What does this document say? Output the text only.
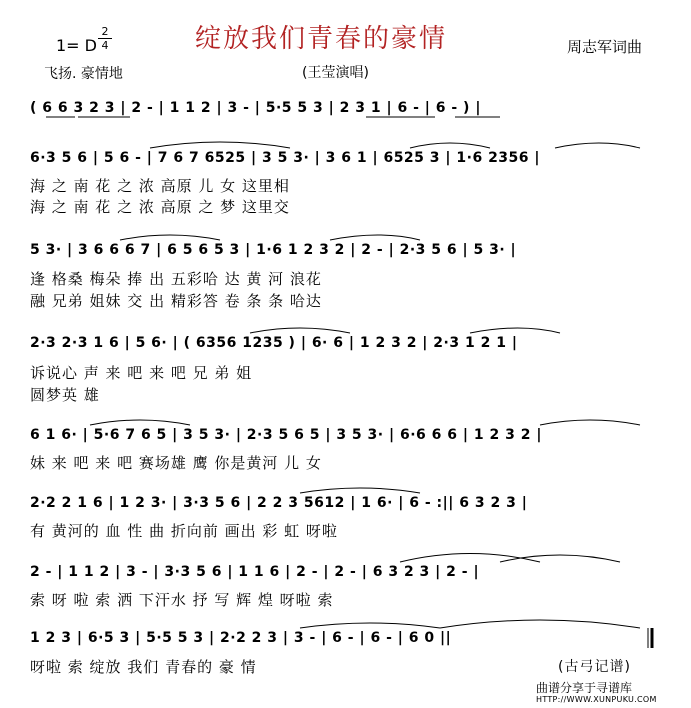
绽放我们青春的豪情
1= D
2
4	周志军词曲
飞扬. 豪情地	(王莹演唱)
( 6 6 3 2 3 | 2 - | 1 1 2 | 3 - | 5·5 5 3 | 2 3 1 | 6 - | 6 - ) |
6·3 5 6 | 5 6 - | 7 6 7 6525 | 3 5 3· | 3 6 1 | 6525 3 | 1·6 2356 |
海 之 南 花 之 浓 高原 儿 女 这里相
海 之 南 花 之 浓 高原 之 梦 这里交
5 3· | 3 6 6 6 7 | 6 5 6 5 3 | 1·6 1 2 3 2 | 2 - | 2·3 5 6 | 5 3· |
逢 格桑 梅朵 捧 出 五彩哈 达 黄 河 浪花
融 兄弟 姐妹 交 出 精彩答 卷 条 条 哈达
2·3 2·3 1 6 | 5 6· | ( 6356 1235 ) | 6· 6 | 1 2 3 2 | 2·3 1 2 1 |
诉说心 声 来 吧 来 吧 兄 弟 姐
圆梦英 雄
6 1 6· | 5·6 7 6 5 | 3 5 3· | 2·3 5 6 5 | 3 5 3· | 6·6 6 6 | 1 2 3 2 |
妹 来 吧 来 吧 赛场雄 鹰 你是黄河 儿 女
2·2 2 1 6 | 1 2 3· | 3·3 5 6 | 2 2 3 5612 | 1 6· | 6 - :|| 6 3 2 3 |
有 黄河的 血 性 曲 折向前 画出 彩 虹 呀啦
2 - | 1 1 2 | 3 - | 3·3 5 6 | 1 1 6 | 2 - | 2 - | 6 3 2 3 | 2 - |
索 呀 啦 索 洒 下汗水 抒 写 辉 煌 呀啦 索
1 2 3 | 6·5 3 | 5·5 5 3 | 2·2 2 3 | 3 - | 6 - | 6 - | 6 0 ||
呀啦 索 绽放 我们 青春的 豪 情	(古弓记谱)
曲谱分享于寻谱库
HTTP://WWW.XUNPUKU.COM
